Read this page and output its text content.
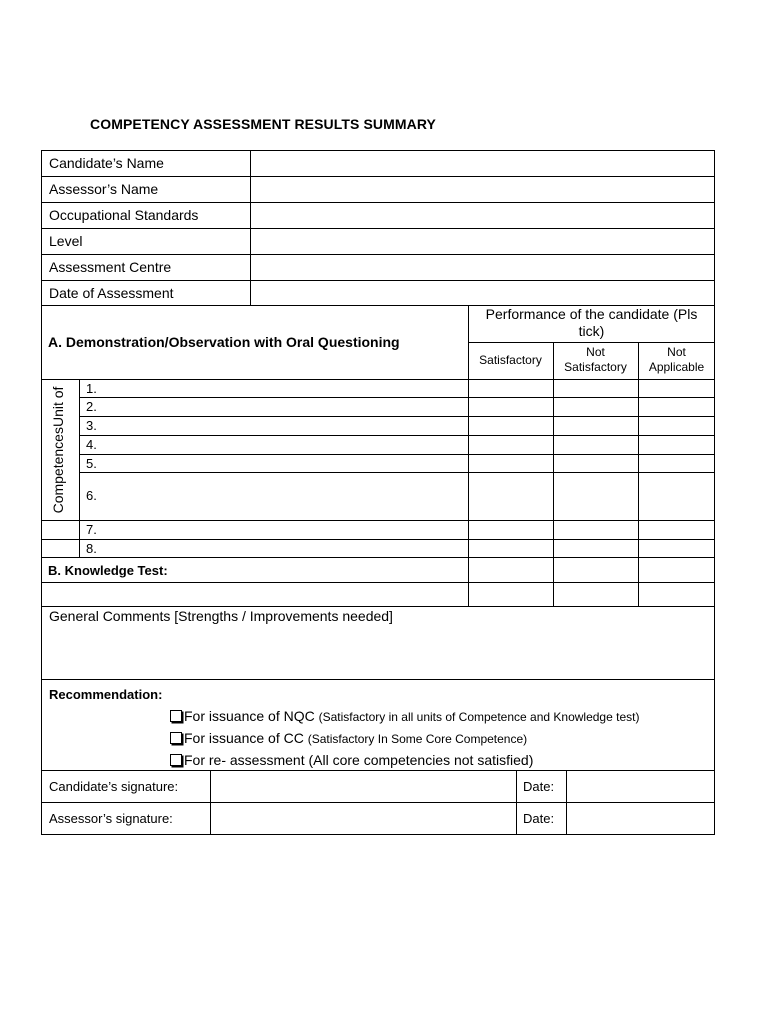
COMPETENCY ASSESSMENT RESULTS SUMMARY
Candidate’s Name
Assessor’s Name
Occupational Standards
Level
Assessment Centre
Date of Assessment
A. Demonstration/Observation with Oral Questioning
Performance of the candidate (Pls
tick)
Satisfactory
Not
Satisfactory
Not
Applicable
CompetencesUnit of 1.
2.
3.
4.
5.
6.
7.
8.
B. Knowledge Test:
General Comments [Strengths / Improvements needed]
Recommendation:
For issuance of NQC (Satisfactory in all units of Competence and Knowledge test)
For issuance of CC (Satisfactory In Some Core Competence)
For re- assessment (All core competencies not satisfied)
Candidate’s signature:	Date:
Assessor’s signature:	Date:
